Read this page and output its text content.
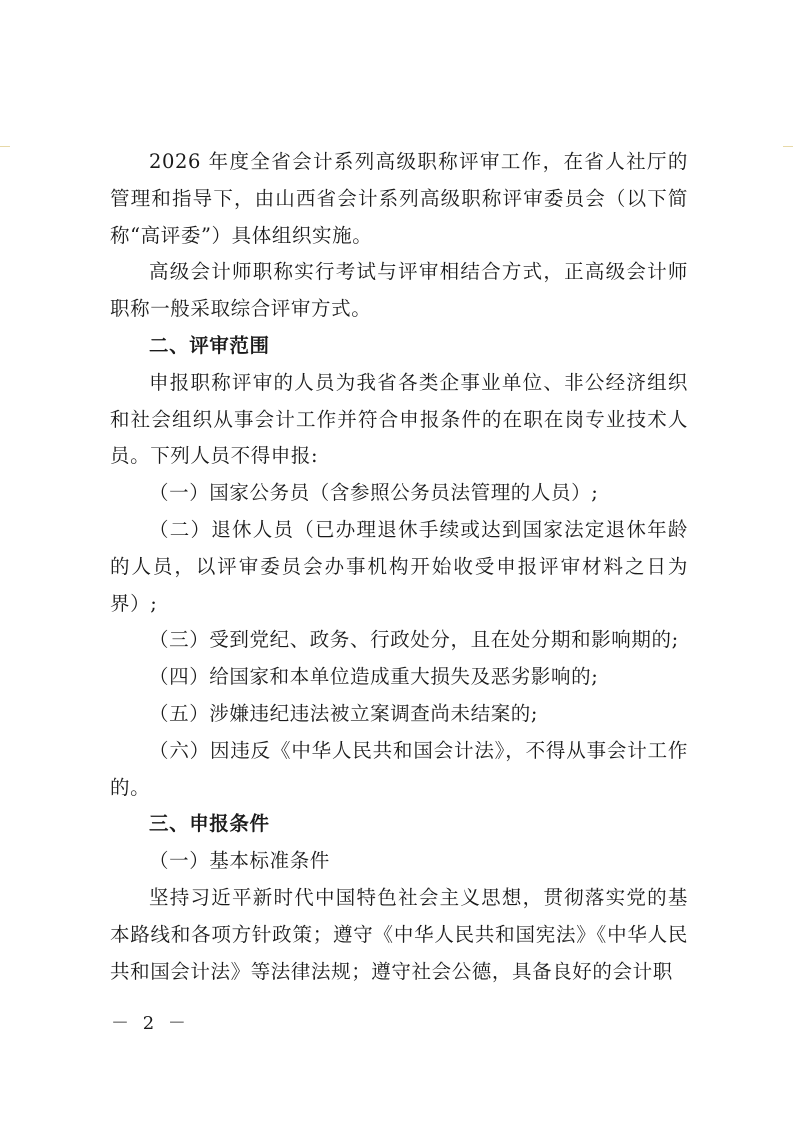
2026 年度全省会计系列高级职称评审工作，在省人社厅的管理和指导下，由山西省会计系列高级职称评审委员会（以下简称“高评委”）具体组织实施。

高级会计师职称实行考试与评审相结合方式，正高级会计师职称一般采取综合评审方式。

二、评审范围

申报职称评审的人员为我省各类企事业单位、非公经济组织和社会组织从事会计工作并符合申报条件的在职在岗专业技术人员。下列人员不得申报:

（一）国家公务员（含参照公务员法管理的人员）;

（二）退休人员（已办理退休手续或达到国家法定退休年龄的人员，以评审委员会办事机构开始收受申报评审材料之日为界）;

（三）受到党纪、政务、行政处分，且在处分期和影响期的;

（四）给国家和本单位造成重大损失及恶劣影响的;

（五）涉嫌违纪违法被立案调查尚未结案的;

（六）因违反《中华人民共和国会计法》，不得从事会计工作的。

三、申报条件

（一）基本标准条件

坚持习近平新时代中国特色社会主义思想，贯彻落实党的基本路线和各项方针政策；遵守《中华人民共和国宪法》《中华人民共和国会计法》等法律法规；遵守社会公德，具备良好的会计职

－ 2 －
